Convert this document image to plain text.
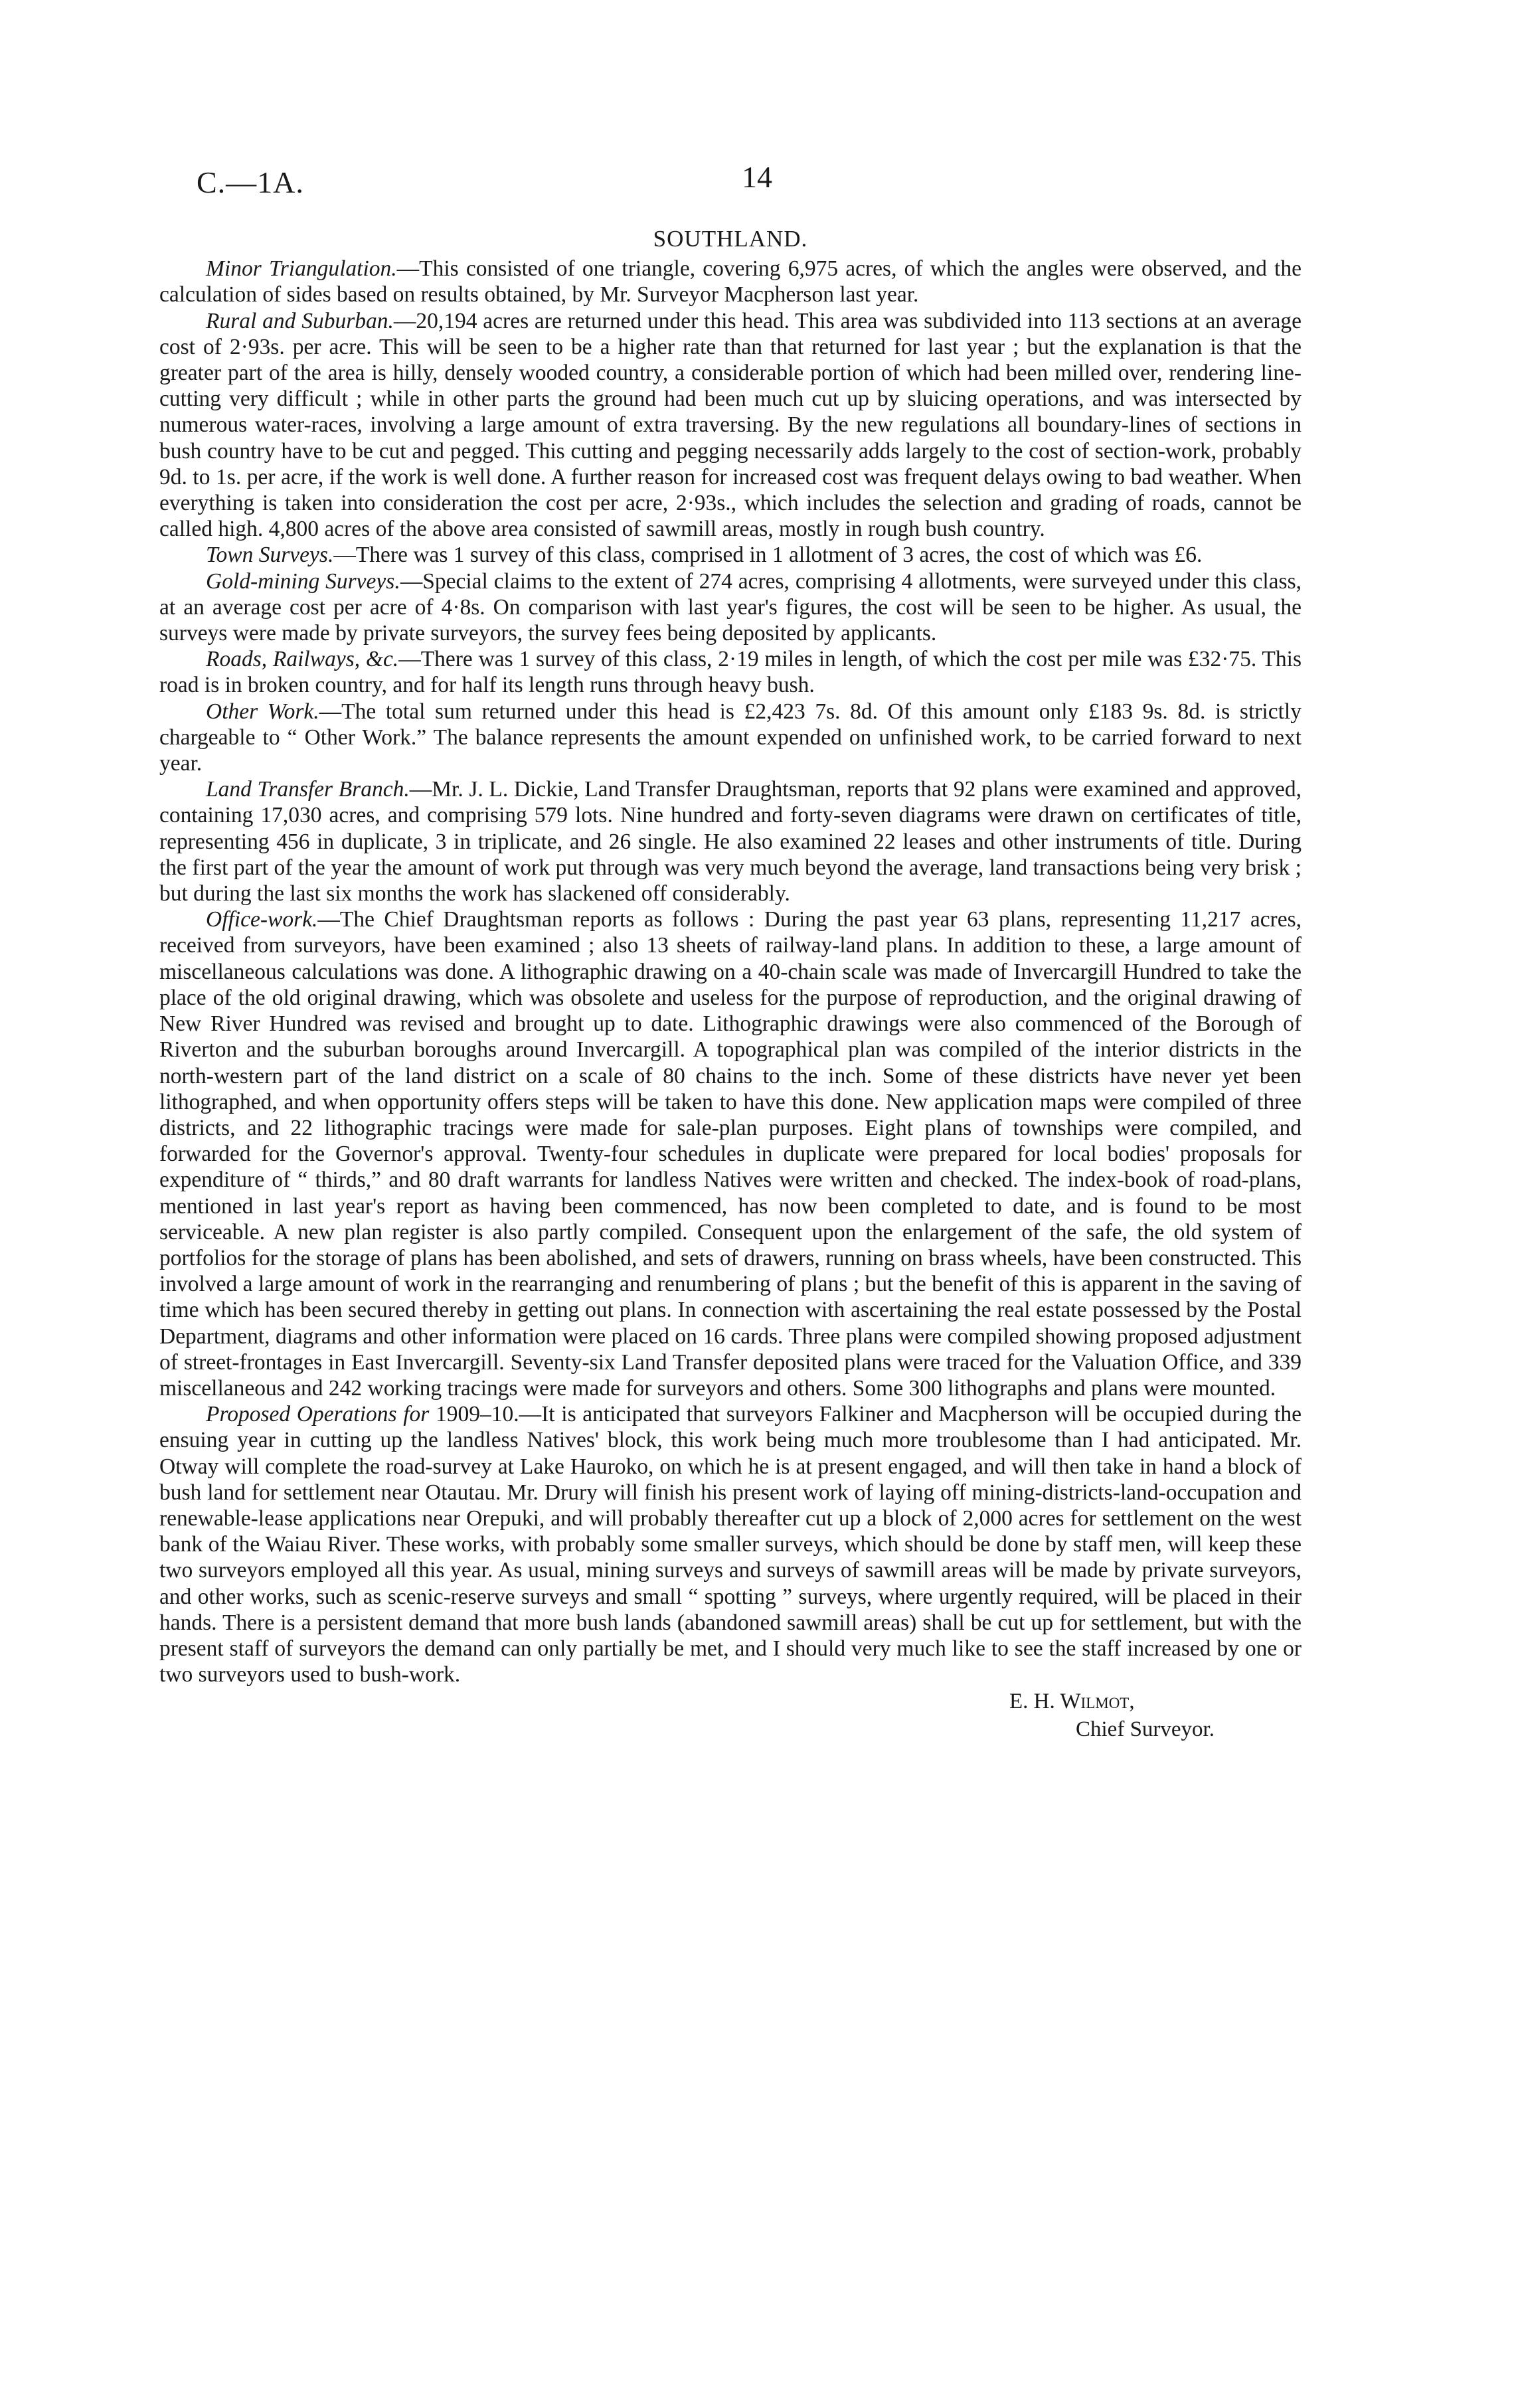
C.—1A.	14
SOUTHLAND.

Minor Triangulation.—This consisted of one triangle, covering 6,975 acres, of which the angles were observed, and the calculation of sides based on results obtained, by Mr. Surveyor Macpherson last year.

Rural and Suburban.—20,194 acres are returned under this head. This area was subdivided into 113 sections at an average cost of 2·93s. per acre. This will be seen to be a higher rate than that returned for last year ; but the explanation is that the greater part of the area is hilly, densely wooded country, a considerable portion of which had been milled over, rendering line-cutting very difficult ; while in other parts the ground had been much cut up by sluicing operations, and was intersected by numerous water-races, involving a large amount of extra traversing. By the new regulations all boundary-lines of sections in bush country have to be cut and pegged. This cutting and pegging necessarily adds largely to the cost of section-work, probably 9d. to 1s. per acre, if the work is well done. A further reason for increased cost was frequent delays owing to bad weather. When everything is taken into consideration the cost per acre, 2·93s., which includes the selection and grading of roads, cannot be called high. 4,800 acres of the above area consisted of sawmill areas, mostly in rough bush country.

Town Surveys.—There was 1 survey of this class, comprised in 1 allotment of 3 acres, the cost of which was £6.

Gold-mining Surveys.—Special claims to the extent of 274 acres, comprising 4 allotments, were surveyed under this class, at an average cost per acre of 4·8s. On comparison with last year's figures, the cost will be seen to be higher. As usual, the surveys were made by private surveyors, the survey fees being deposited by applicants.

Roads, Railways, &c.—There was 1 survey of this class, 2·19 miles in length, of which the cost per mile was £32·75. This road is in broken country, and for half its length runs through heavy bush.

Other Work.—The total sum returned under this head is £2,423 7s. 8d. Of this amount only £183 9s. 8d. is strictly chargeable to “ Other Work.” The balance represents the amount expended on unfinished work, to be carried forward to next year.

Land Transfer Branch.—Mr. J. L. Dickie, Land Transfer Draughtsman, reports that 92 plans were examined and approved, containing 17,030 acres, and comprising 579 lots. Nine hundred and forty-seven diagrams were drawn on certificates of title, representing 456 in duplicate, 3 in triplicate, and 26 single. He also examined 22 leases and other instruments of title. During the first part of the year the amount of work put through was very much beyond the average, land transactions being very brisk ; but during the last six months the work has slackened off considerably.

Office-work.—The Chief Draughtsman reports as follows : During the past year 63 plans, representing 11,217 acres, received from surveyors, have been examined ; also 13 sheets of railway-land plans. In addition to these, a large amount of miscellaneous calculations was done. A lithographic drawing on a 40-chain scale was made of Invercargill Hundred to take the place of the old original drawing, which was obsolete and useless for the purpose of reproduction, and the original drawing of New River Hundred was revised and brought up to date. Lithographic drawings were also commenced of the Borough of Riverton and the suburban boroughs around Invercargill. A topographical plan was compiled of the interior districts in the north-western part of the land district on a scale of 80 chains to the inch. Some of these districts have never yet been lithographed, and when opportunity offers steps will be taken to have this done. New application maps were compiled of three districts, and 22 lithographic tracings were made for sale-plan purposes. Eight plans of townships were compiled, and forwarded for the Governor's approval. Twenty-four schedules in duplicate were prepared for local bodies' proposals for expenditure of “ thirds,” and 80 draft warrants for landless Natives were written and checked. The index-book of road-plans, mentioned in last year's report as having been commenced, has now been completed to date, and is found to be most serviceable. A new plan register is also partly compiled. Consequent upon the enlargement of the safe, the old system of portfolios for the storage of plans has been abolished, and sets of drawers, running on brass wheels, have been constructed. This involved a large amount of work in the rearranging and renumbering of plans ; but the benefit of this is apparent in the saving of time which has been secured thereby in getting out plans. In connection with ascertaining the real estate possessed by the Postal Department, diagrams and other information were placed on 16 cards. Three plans were compiled showing proposed adjustment of street-frontages in East Invercargill. Seventy-six Land Transfer deposited plans were traced for the Valuation Office, and 339 miscellaneous and 242 working tracings were made for surveyors and others. Some 300 lithographs and plans were mounted.

Proposed Operations for 1909–10.—It is anticipated that surveyors Falkiner and Macpherson will be occupied during the ensuing year in cutting up the landless Natives' block, this work being much more troublesome than I had anticipated. Mr. Otway will complete the road-survey at Lake Hauroko, on which he is at present engaged, and will then take in hand a block of bush land for settlement near Otautau. Mr. Drury will finish his present work of laying off mining-districts-land-occupation and renewable-lease applications near Orepuki, and will probably thereafter cut up a block of 2,000 acres for settlement on the west bank of the Waiau River. These works, with probably some smaller surveys, which should be done by staff men, will keep these two surveyors employed all this year. As usual, mining surveys and surveys of sawmill areas will be made by private surveyors, and other works, such as scenic-reserve surveys and small “ spotting ” surveys, where urgently required, will be placed in their hands. There is a persistent demand that more bush lands (abandoned sawmill areas) shall be cut up for settlement, but with the present staff of surveyors the demand can only partially be met, and I should very much like to see the staff increased by one or two surveyors used to bush-work.

E. H. Wilmot,
Chief Surveyor.
